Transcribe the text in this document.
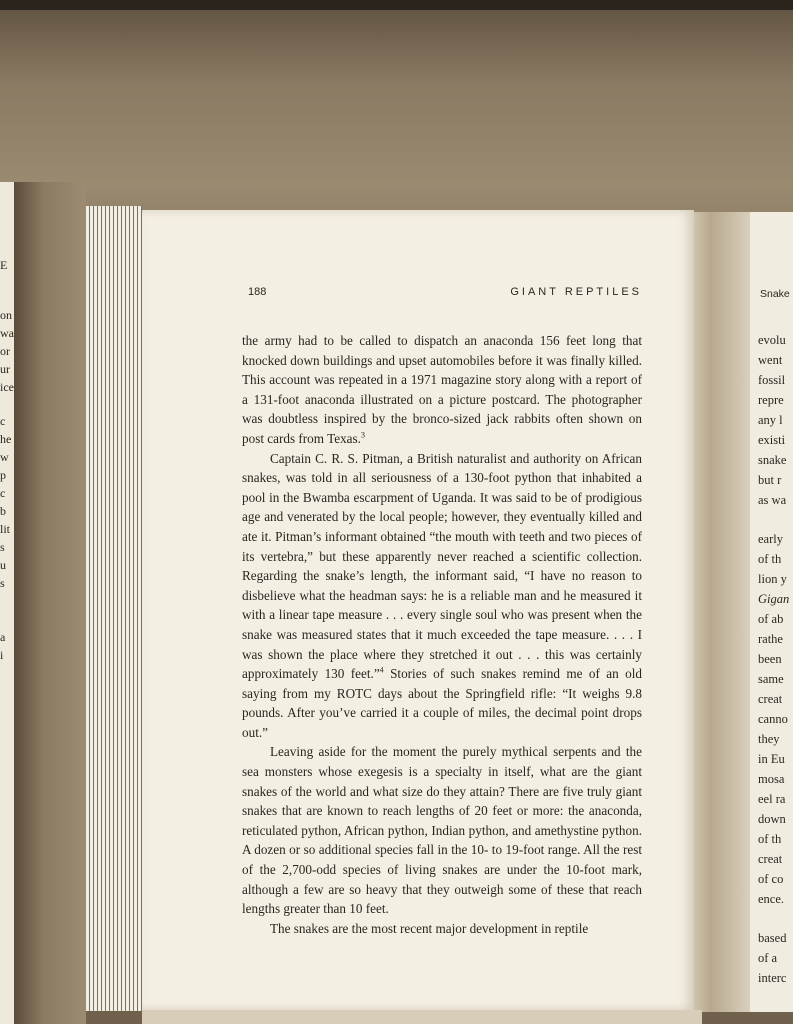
E
on
wa
or
ur
ice
c
he
w
p
c
b
lit
s
u
s
a
i
188	GIANT REPTILES

the army had to be called to dispatch an anaconda 156 feet long that knocked down buildings and upset automobiles before it was finally killed. This account was repeated in a 1971 magazine story along with a report of a 131-foot anaconda illustrated on a picture postcard. The photographer was doubtless inspired by the bronco-sized jack rabbits often shown on post cards from Texas.$^3$

Captain C. R. S. Pitman, a British naturalist and authority on African snakes, was told in all seriousness of a 130-foot python that inhabited a pool in the Bwamba escarpment of Uganda. It was said to be of prodigious age and venerated by the local people; however, they eventually killed and ate it. Pitman’s informant obtained “the mouth with teeth and two pieces of its vertebra,” but these apparently never reached a scientific collection. Regarding the snake’s length, the informant said, “I have no reason to disbelieve what the headman says: he is a reliable man and he measured it with a linear tape measure . . . every single soul who was present when the snake was measured states that it much exceeded the tape measure. . . . I was shown the place where they stretched it out . . . this was certainly approximately 130 feet.”$^4$ Stories of such snakes remind me of an old saying from my ROTC days about the Springfield rifle: “It weighs 9.8 pounds. After you’ve carried it a couple of miles, the decimal point drops out.”

Leaving aside for the moment the purely mythical serpents and the sea monsters whose exegesis is a specialty in itself, what are the giant snakes of the world and what size do they attain? There are five truly giant snakes that are known to reach lengths of 20 feet or more: the anaconda, reticulated python, African python, Indian python, and amethystine python. A dozen or so additional species fall in the 10- to 19-foot range. All the rest of the 2,700-odd species of living snakes are under the 10-foot mark, although a few are so heavy that they outweigh some of these that reach lengths greater than 10 feet.

The snakes are the most recent major development in reptile

Snake
evolu
went
fossil
repre
any l
existi
snake
but r
as wa
early
of th
lion y
Gigan
of ab
rathe
been
same
creat
canno
they
in Eu
mosa
eel ra
down
of th
creat
of co
ence.
based
of a
interc
